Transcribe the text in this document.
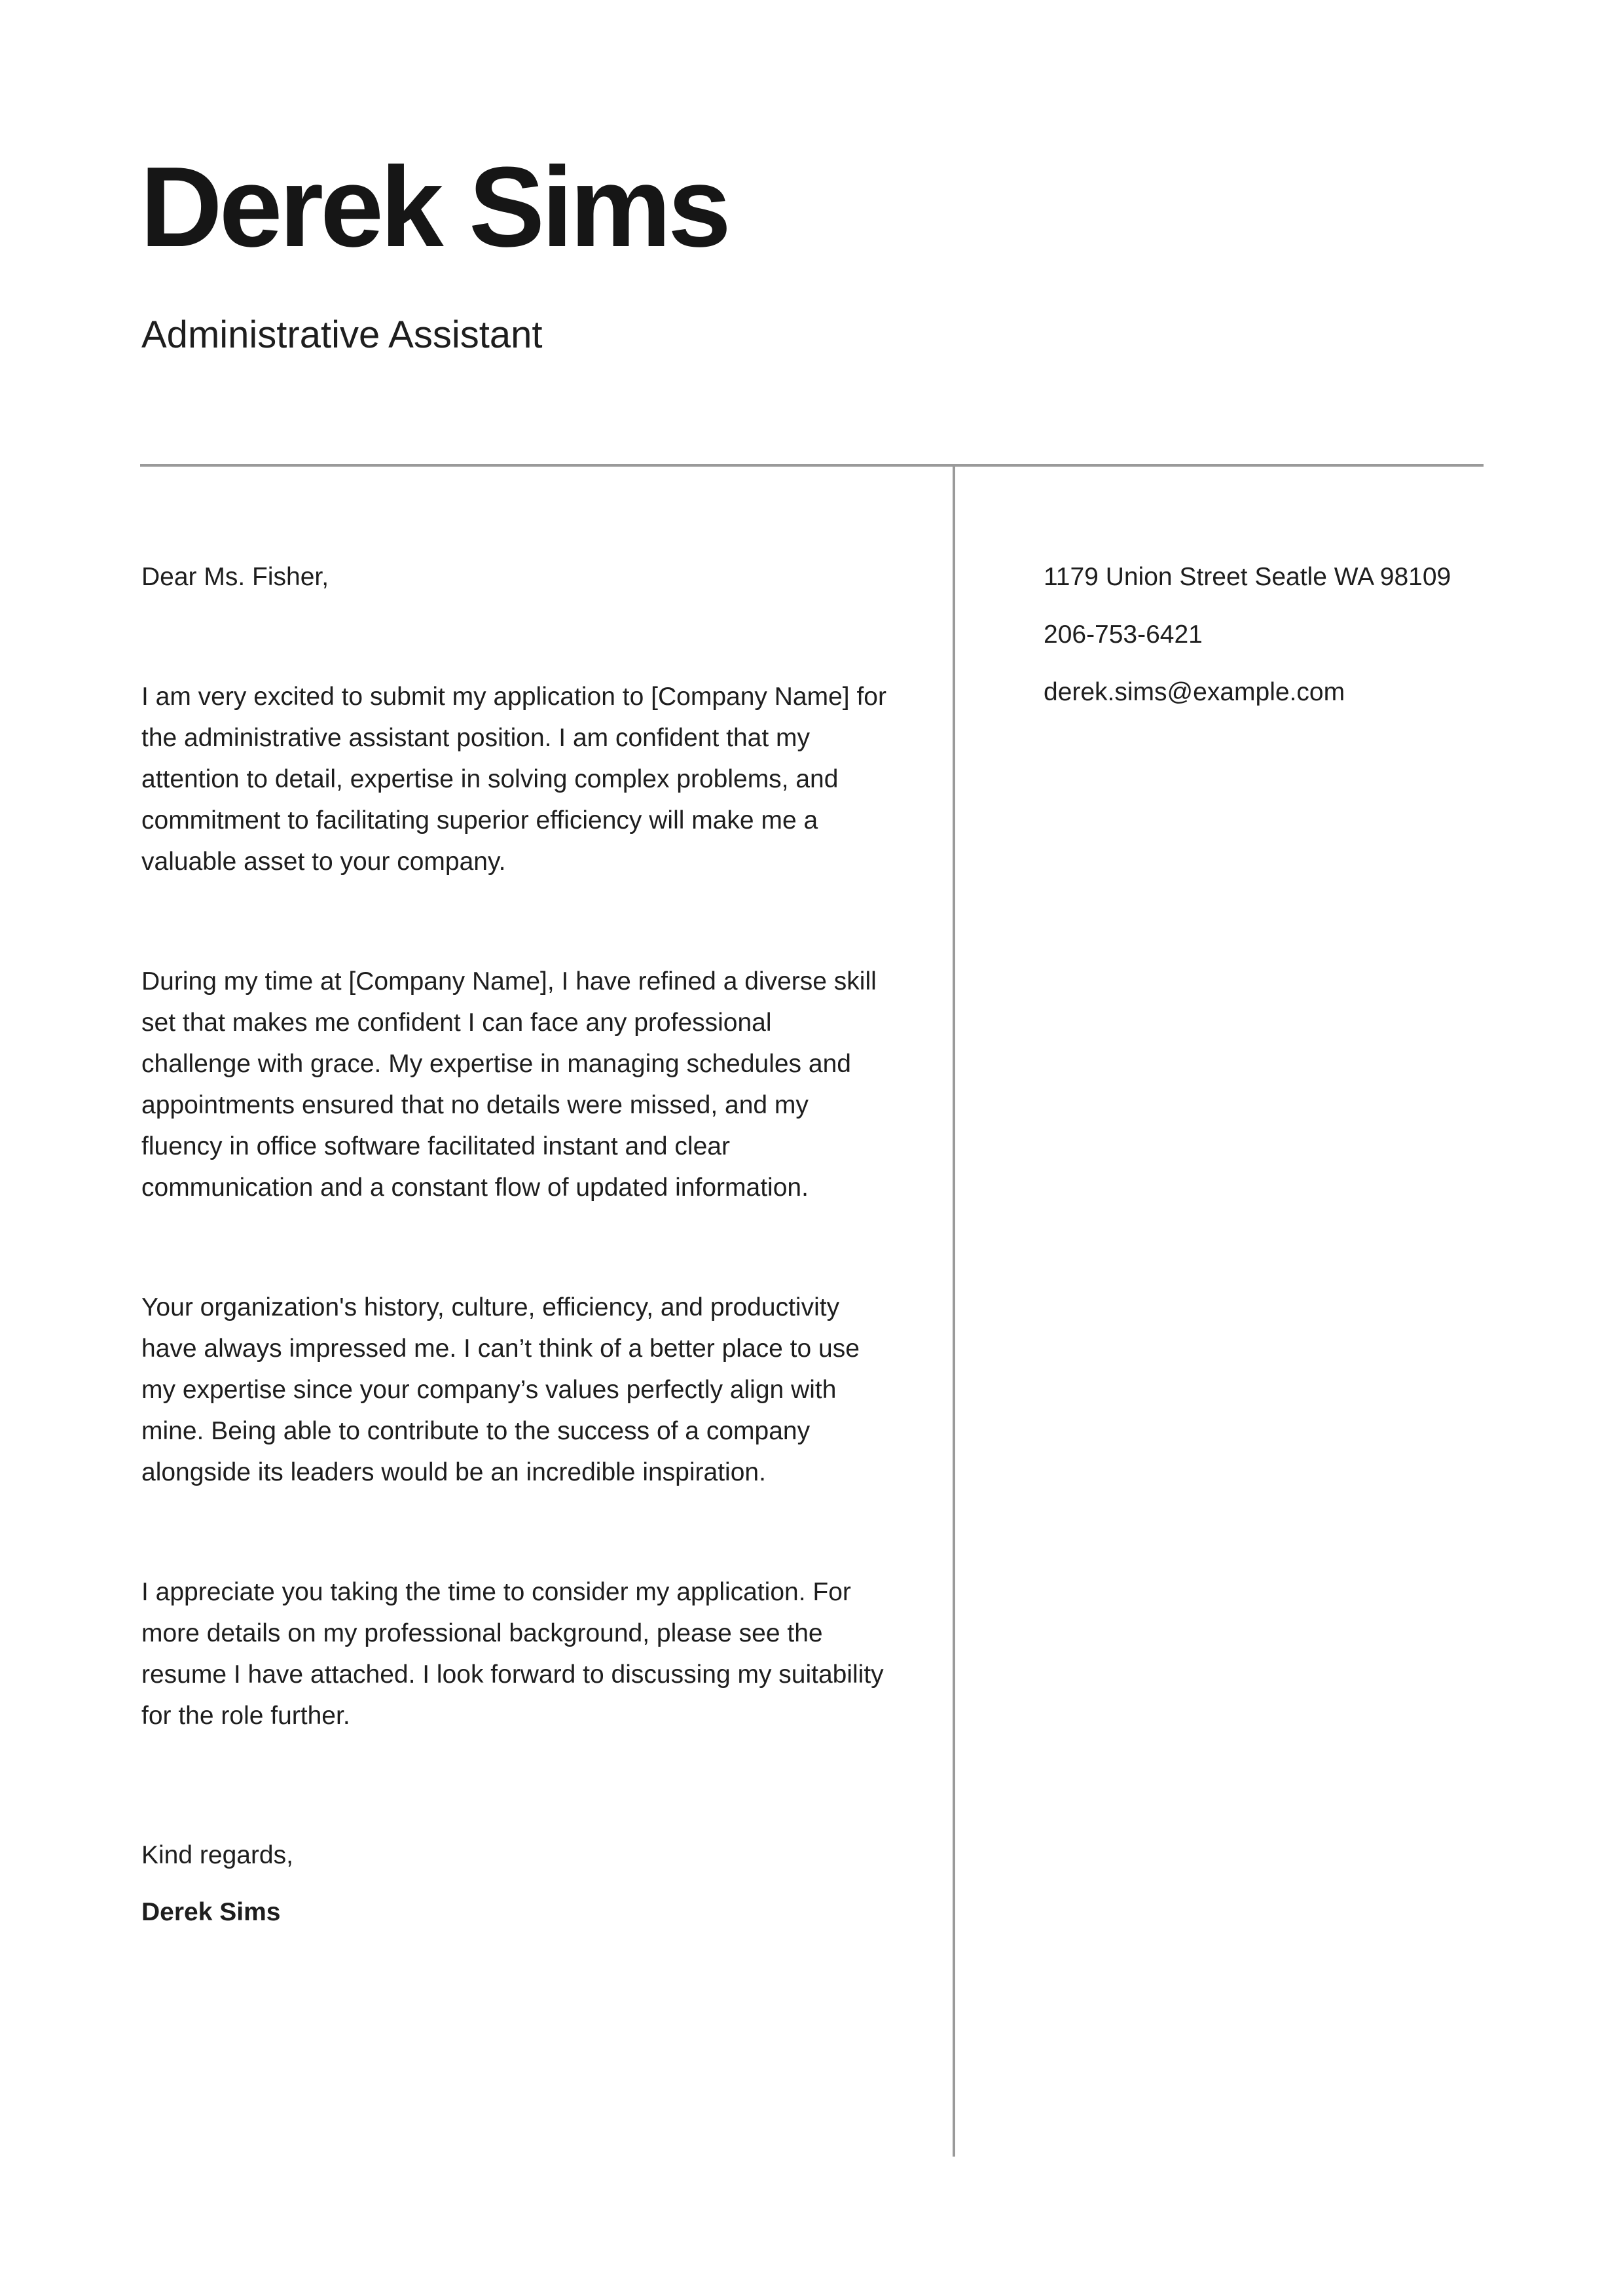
Derek Sims
Administrative Assistant

Dear Ms. Fisher,

I am very excited to submit my application to [Company Name] for the administrative assistant position. I am confident that my attention to detail, expertise in solving complex problems, and commitment to facilitating superior efficiency will make me a valuable asset to your company.

During my time at [Company Name], I have refined a diverse skill set that makes me confident I can face any professional challenge with grace. My expertise in managing schedules and appointments ensured that no details were missed, and my fluency in office software facilitated instant and clear communication and a constant flow of updated information.

Your organization's history, culture, efficiency, and productivity have always impressed me. I can’t think of a better place to use my expertise since your company’s values perfectly align with mine. Being able to contribute to the success of a company alongside its leaders would be an incredible inspiration.

I appreciate you taking the time to consider my application. For more details on my professional background, please see the resume I have attached. I look forward to discussing my suitability for the role further.

Kind regards,

Derek Sims

1179 Union Street Seatle WA 98109

206-753-6421

derek.sims@example.com
